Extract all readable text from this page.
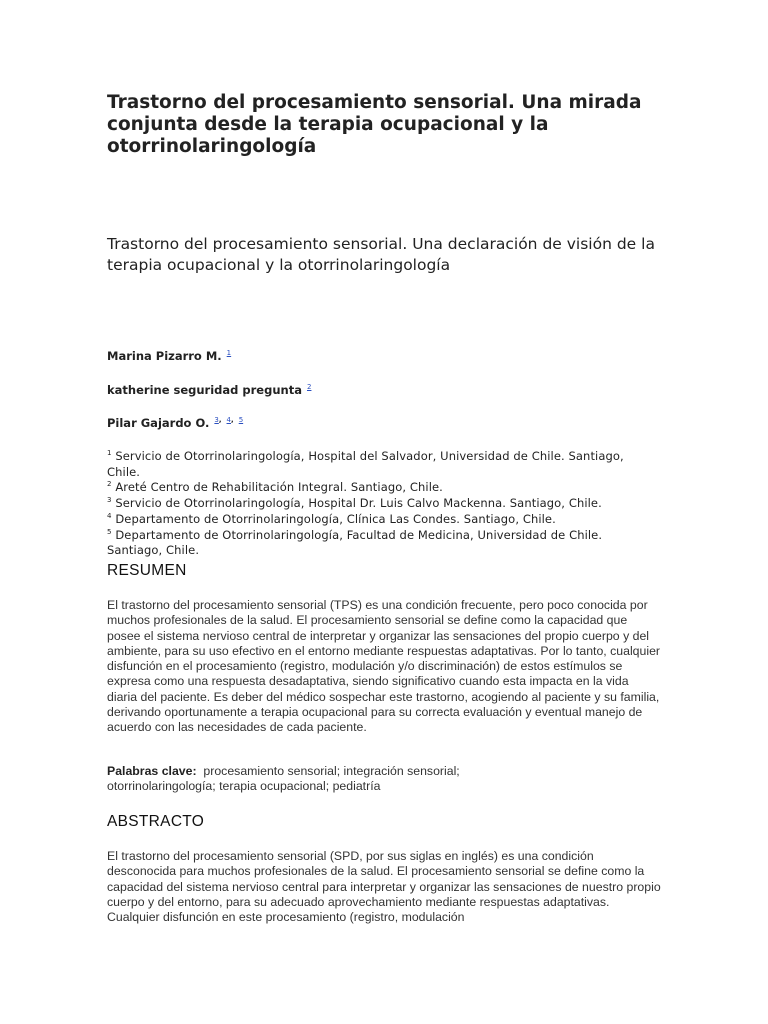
Trastorno del procesamiento sensorial. Una mirada conjunta desde la terapia ocupacional y la otorrinolaringología
Trastorno del procesamiento sensorial. Una declaración de visión de la terapia ocupacional y la otorrinolaringología

Marina Pizarro M. $^1$

katherine seguridad pregunta $^2$

Pilar Gajardo O. $^{3,}$ $^{4,}$ $^5$

$^1$ Servicio de Otorrinolaringología, Hospital del Salvador, Universidad de Chile. Santiago, Chile.
$^2$ Areté Centro de Rehabilitación Integral. Santiago, Chile.
$^3$ Servicio de Otorrinolaringología, Hospital Dr. Luis Calvo Mackenna. Santiago, Chile.
$^4$ Departamento de Otorrinolaringología, Clínica Las Condes. Santiago, Chile.
$^5$ Departamento de Otorrinolaringología, Facultad de Medicina, Universidad de Chile. Santiago, Chile.
RESUMEN

El trastorno del procesamiento sensorial (TPS) es una condición frecuente, pero poco conocida por muchos profesionales de la salud. El procesamiento sensorial se define como la capacidad que posee el sistema nervioso central de interpretar y organizar las sensaciones del propio cuerpo y del ambiente, para su uso efectivo en el entorno mediante respuestas adaptativas. Por lo tanto, cualquier disfunción en el procesamiento (registro, modulación y/o discriminación) de estos estímulos se expresa como una respuesta desadaptativa, siendo significativo cuando esta impacta en la vida diaria del paciente. Es deber del médico sospechar este trastorno, acogiendo al paciente y su familia, derivando oportunamente a terapia ocupacional para su correcta evaluación y eventual manejo de acuerdo con las necesidades de cada paciente.

Palabras clave: procesamiento sensorial; integración sensorial; otorrinolaringología; terapia ocupacional; pediatría

ABSTRACTO

El trastorno del procesamiento sensorial (SPD, por sus siglas en inglés) es una condición desconocida para muchos profesionales de la salud. El procesamiento sensorial se define como la capacidad del sistema nervioso central para interpretar y organizar las sensaciones de nuestro propio cuerpo y del entorno, para su adecuado aprovechamiento mediante respuestas adaptativas. Cualquier disfunción en este procesamiento (registro, modulación
